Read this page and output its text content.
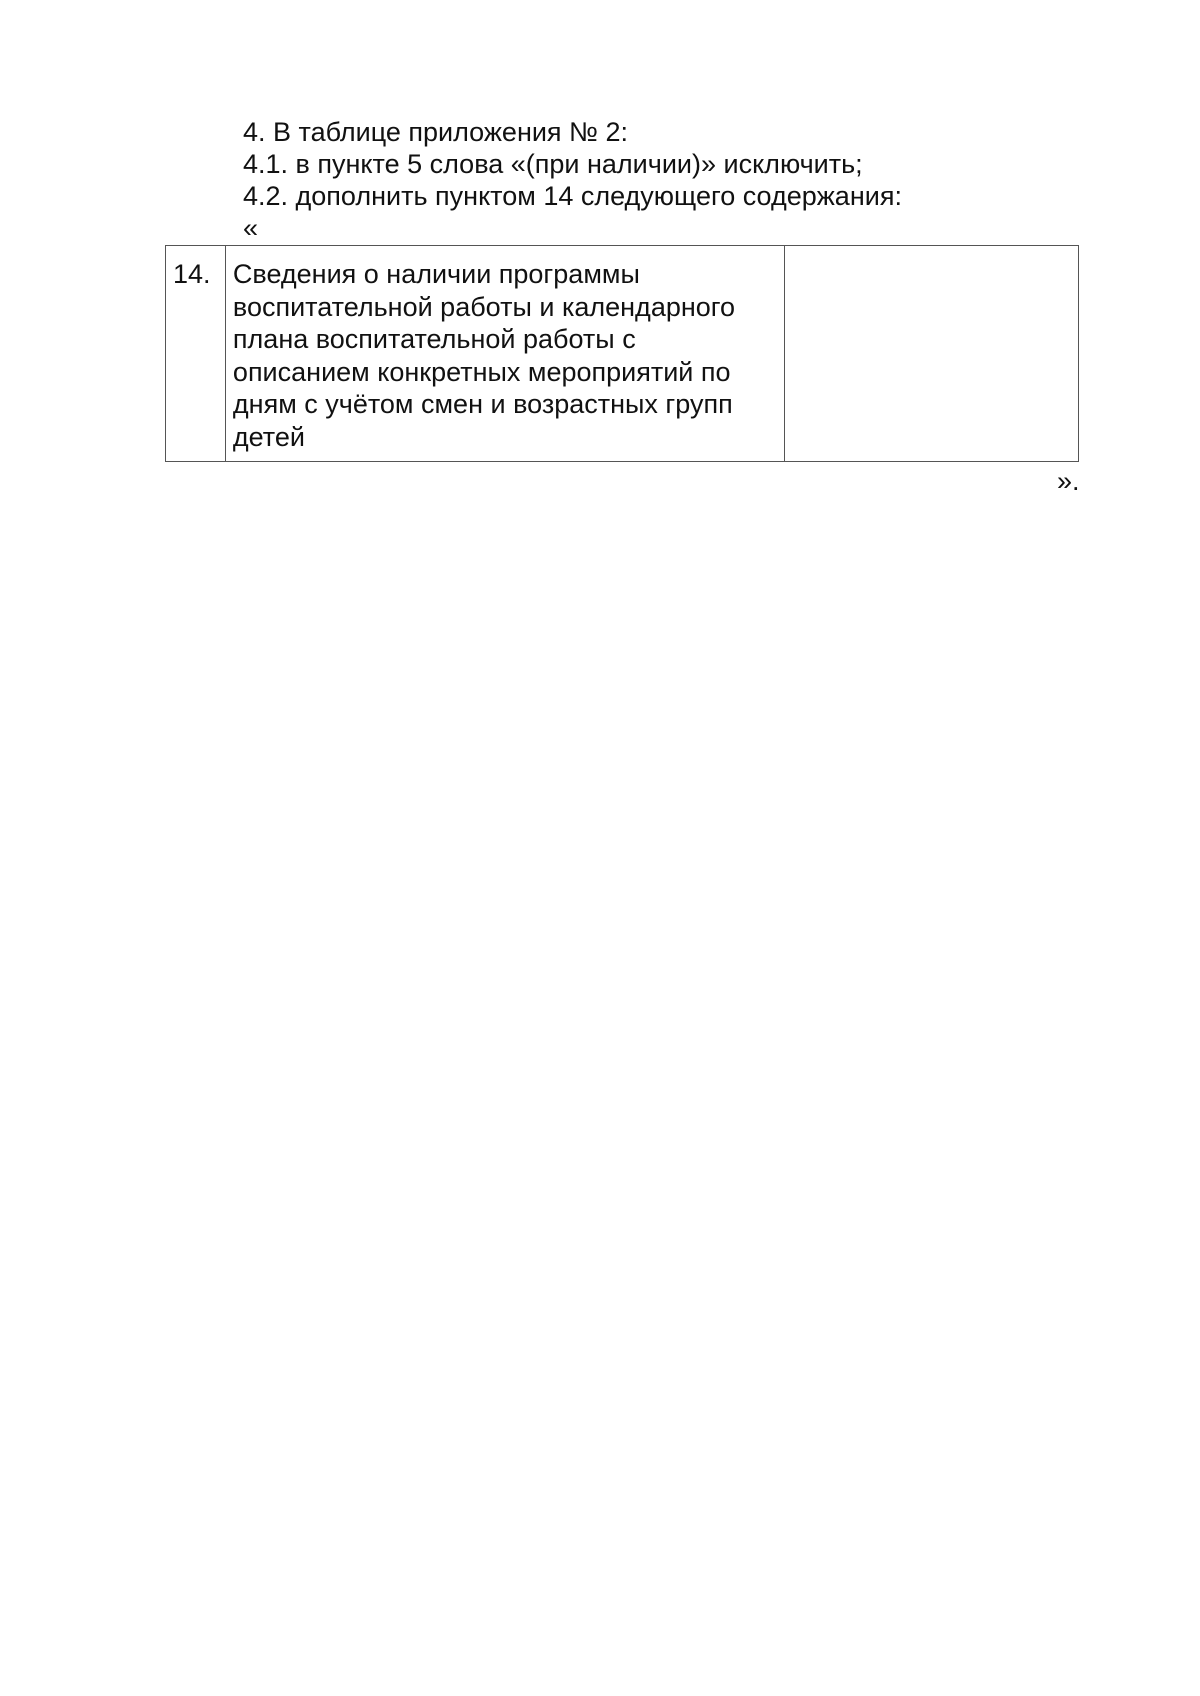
4. В таблице приложения № 2:
4.1. в пункте 5 слова «(при наличии)» исключить;
4.2. дополнить пунктом 14 следующего содержания:
«
14.	Сведения о наличии программы воспитательной работы и календарного плана воспитательной работы с описанием конкретных мероприятий по дням с учётом смен и возрастных групп детей	
».
